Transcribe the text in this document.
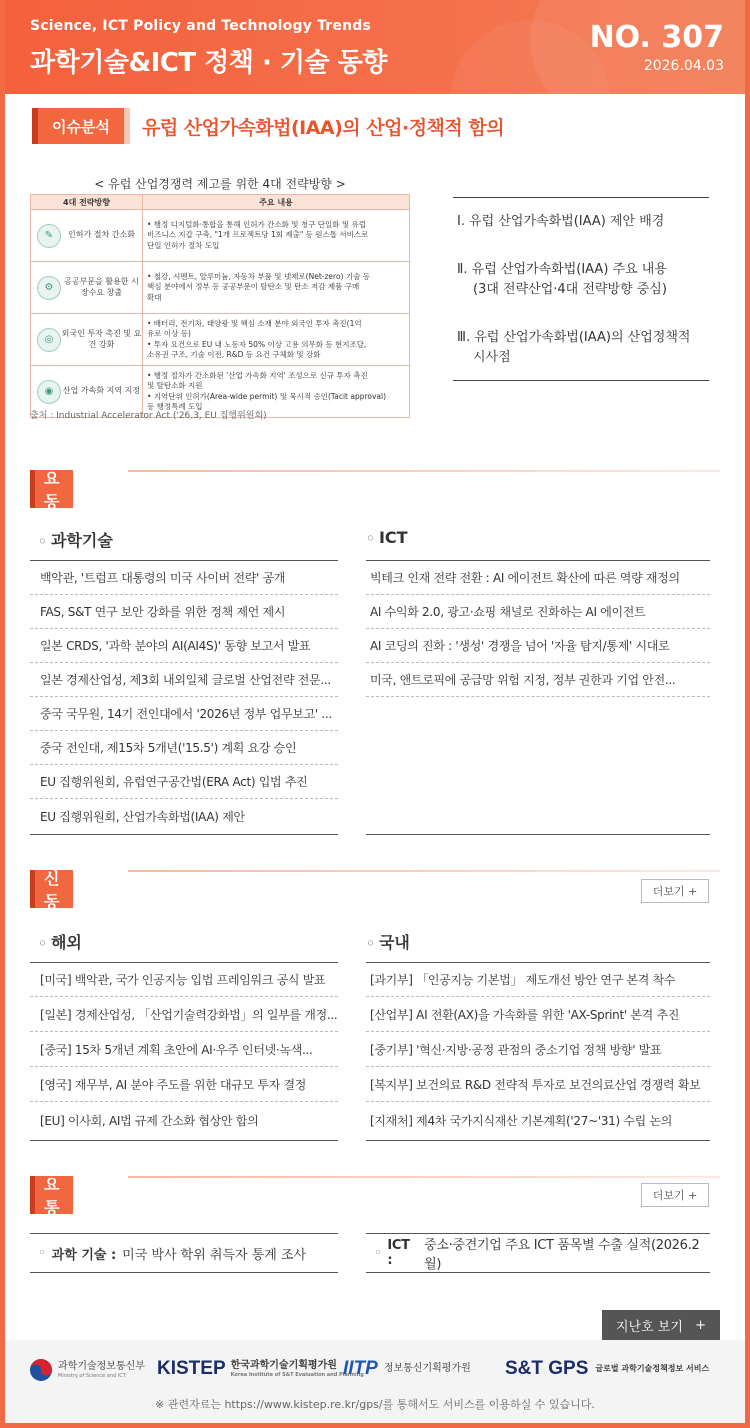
Science, ICT Policy and Technology Trends
과학기술&ICT 정책 · 기술 동향
NO. 307
2026.04.03
이슈분석	유럽 산업가속화법(IAA)의 산업·정책적 함의
< 유럽 산업경쟁력 제고를 위한 4대 전략방향 >
4대 전략방향	주요 내용

✎ 인허가 절차 간소화	• 행정 디지털화·통합을 통해 인허가 간소화 및 청구 단일화 및 유럽
비즈니스 지갑 구축, "1개 프로젝트당 1회 제출" 등 원스톱 서비스로
단일 인허가 절차 도입

⚙
공공부문을 활용한 시장수요 창출	• 철강, 시멘트, 알루미늄, 자동차 부품 및 넷제로(Net-zero) 기술 등
핵심 분야에서 정부 등 공공부문이 탈탄소 및 탄소 저감 제품 구매
확대

◎
외국인 투자 촉진 및 요건 강화	• 배터리, 전기차, 태양광 및 핵심 소재 분야 외국인 투자 촉진(1억
유로 이상 등)
• 투자 요건으로 EU 내 노동자 50% 이상 고용 의무화 등 현지조달,
소유권 구조, 기술 이전, R&D 등 요건 구체화 및 강화

◉ 산업 가속화 지역 지정	• 행정 절차가 간소화된 '산업 가속화 지역' 조성으로 신규 투자 촉진
및 탈탄소화 지원
• 지역단위 인허가(Area-wide permit) 및 묵시적 승인(Tacit approval)
등 행정특례 도입
출처 : Industrial Accelerator Act ('26.3, EU 집행위원회)
Ⅰ. 유럽 산업가속화법(IAA) 제안 배경
Ⅱ. 유럽 산업가속화법(IAA) 주요 내용
(3대 전략산업·4대 전략방향 중심)
Ⅲ. 유럽 산업가속화법(IAA)의 산업정책적
시사점
주요 동향
◦ 과학기술
백악관, '트럼프 대통령의 미국 사이버 전략' 공개
FAS, S&T 연구 보안 강화를 위한 정책 제언 제시
일본 CRDS, '과학 분야의 AI(AI4S)' 동향 보고서 발표
일본 경제산업성, 제3회 내외일체 글로벌 산업전략 전문...
중국 국무원, 14기 전인대에서 '2026년 정부 업무보고' ...
중국 전인대, 제15차 5개년('15.5') 계획 요강 승인
EU 집행위원회, 유럽연구공간법(ERA Act) 입법 추진
EU 집행위원회, 산업가속화법(IAA) 제안
◦ ICT
빅테크 인재 전략 전환 : AI 에이전트 확산에 따른 역량 재정의
AI 수익화 2.0, 광고·쇼핑 채널로 진화하는 AI 에이전트
AI 코딩의 진화 : '생성' 경쟁을 넘어 '자율 탐지/통제' 시대로
미국, 앤트로픽에 공급망 위험 지정, 정부 권한과 기업 안전...
단신 동향
더보기 +
◦ 해외
[미국] 백악관, 국가 인공지능 입법 프레임워크 공식 발표
[일본] 경제산업성, 「산업기술력강화법」의 일부를 개정...
[중국] 15차 5개년 계획 초안에 AI·우주 인터넷·녹색...
[영국] 재무부, AI 분야 주도를 위한 대규모 투자 결정
[EU] 이사회, AI법 규제 간소화 협상안 합의
◦ 국내
[과기부] 「인공지능 기본법」 제도개선 방안 연구 본격 착수
[산업부] AI 전환(AX)을 가속화를 위한 'AX-Sprint' 본격 추진
[중기부] '혁신·지방·공정 관점의 중소기업 정책 방향' 발표
[복지부] 보건의료 R&D 전략적 투자로 보건의료산업 경쟁력 확보
[지재처] 제4차 국가지식재산 기본계획('27~'31) 수립 논의
주요 통계
더보기 +
◦ 과학 기술 : 미국 박사 학위 취득자 통계 조사
◦ ICT :
중소·중견기업 주요 ICT 품목별 수출 실적(2026.2월)
지난호 보기 +
과학기술정보통신부
Ministry of Science and ICT	KISTEP 한국과학기술기획평가원
Korea Institute of S&T Evaluation and Planning
IITP 정보통신기획평가원 S&T GPS 글로벌 과학기술정책정보 서비스
※ 관련자료는 https://www.kistep.re.kr/gps/를 통해서도 서비스를 이용하실 수 있습니다.
